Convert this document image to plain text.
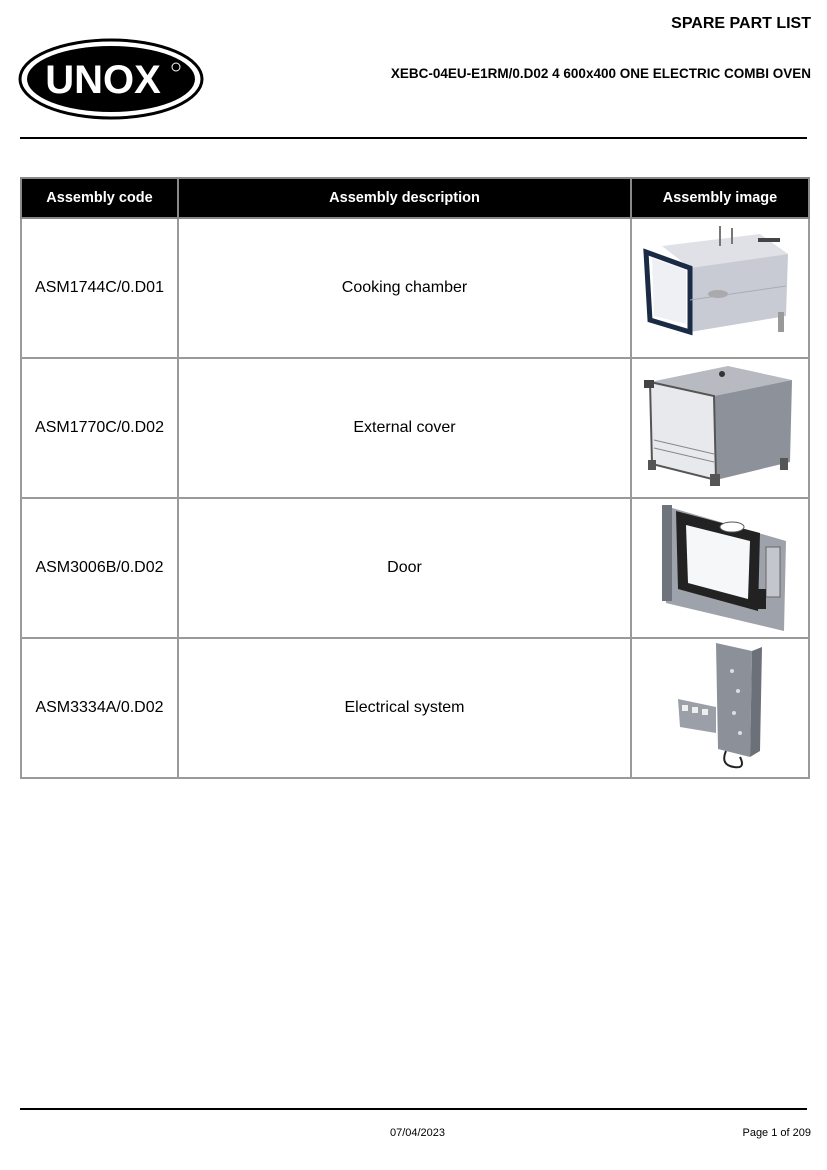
SPARE PART LIST
XEBC-04EU-E1RM/0.D02 4 600x400 ONE ELECTRIC COMBI OVEN
UNOX
Assembly code	Assembly description	Assembly image
ASM1744C/0.D01	Cooking chamber	

ASM1770C/0.D02	External cover	

ASM3006B/0.D02	Door	

ASM3334A/0.D02	Electrical system	
07/04/2023	Page 1 of 209
